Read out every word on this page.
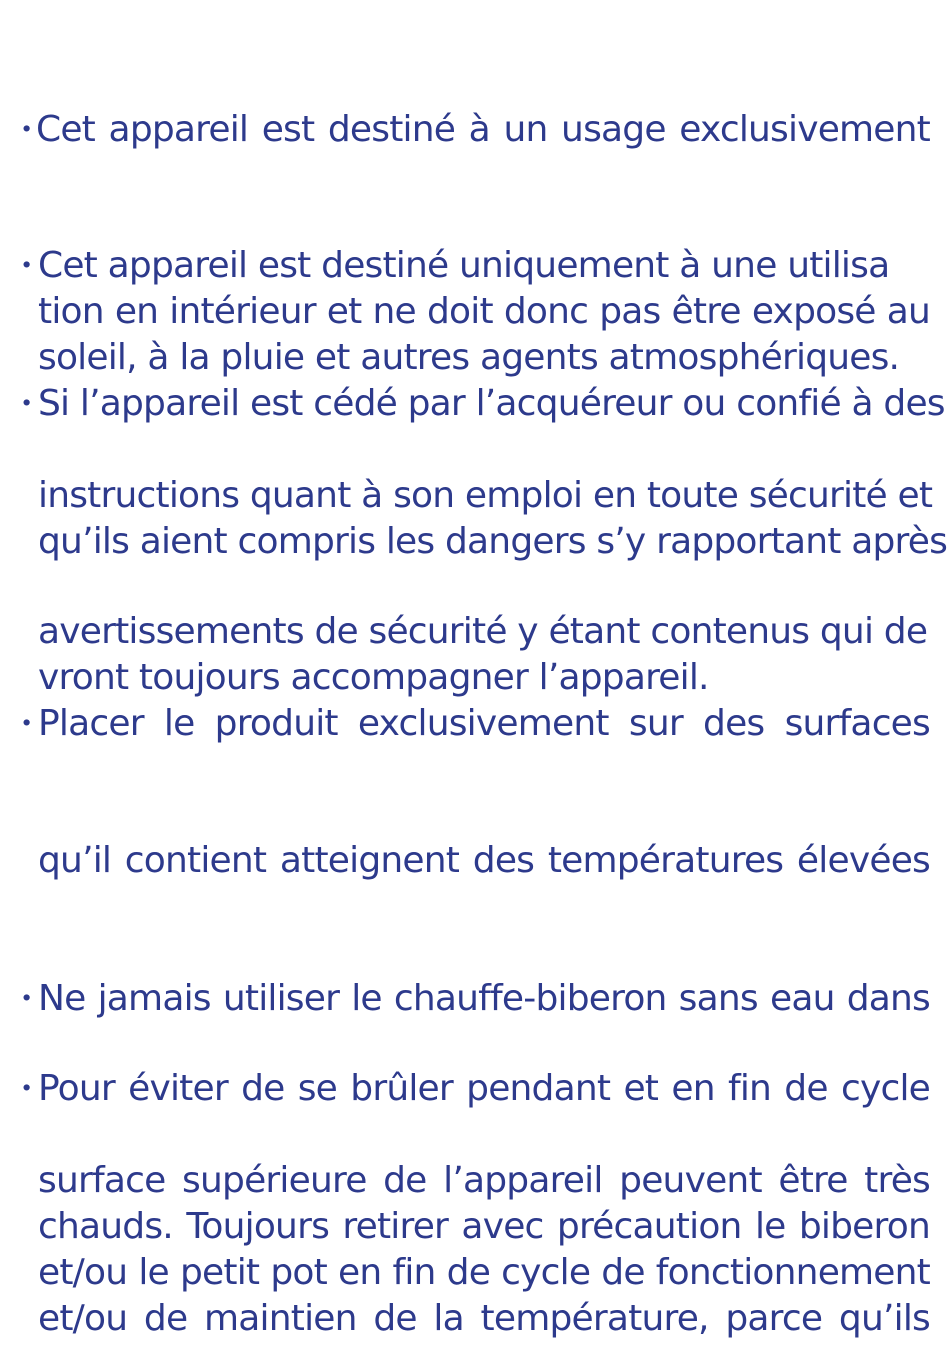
•
•
•
•
•
•
Cet appareil est destiné à un usage exclusivement
Cet appareil est destiné uniquement à une utilisa
tion en intérieur et ne doit donc pas être exposé au
soleil, à la pluie et autres agents atmosphériques.
Si l’appareil est cédé par l’acquéreur ou confié à des
instructions quant à son emploi en toute sécurité et
qu’ils aient compris les dangers s’y rapportant après
avertissements de sécurité y étant contenus qui de
vront toujours accompagner l’appareil.
Placer le produit exclusivement sur des surfaces
qu’il contient atteignent des températures élevées
Ne jamais utiliser le chauffe-biberon sans eau dans
Pour éviter de se brûler pendant et en fin de cycle
surface supérieure de l’appareil peuvent être très
chauds. Toujours retirer avec précaution le biberon
et/ou le petit pot en fin de cycle de fonctionnement
et/ou de maintien de la température, parce qu’ils
